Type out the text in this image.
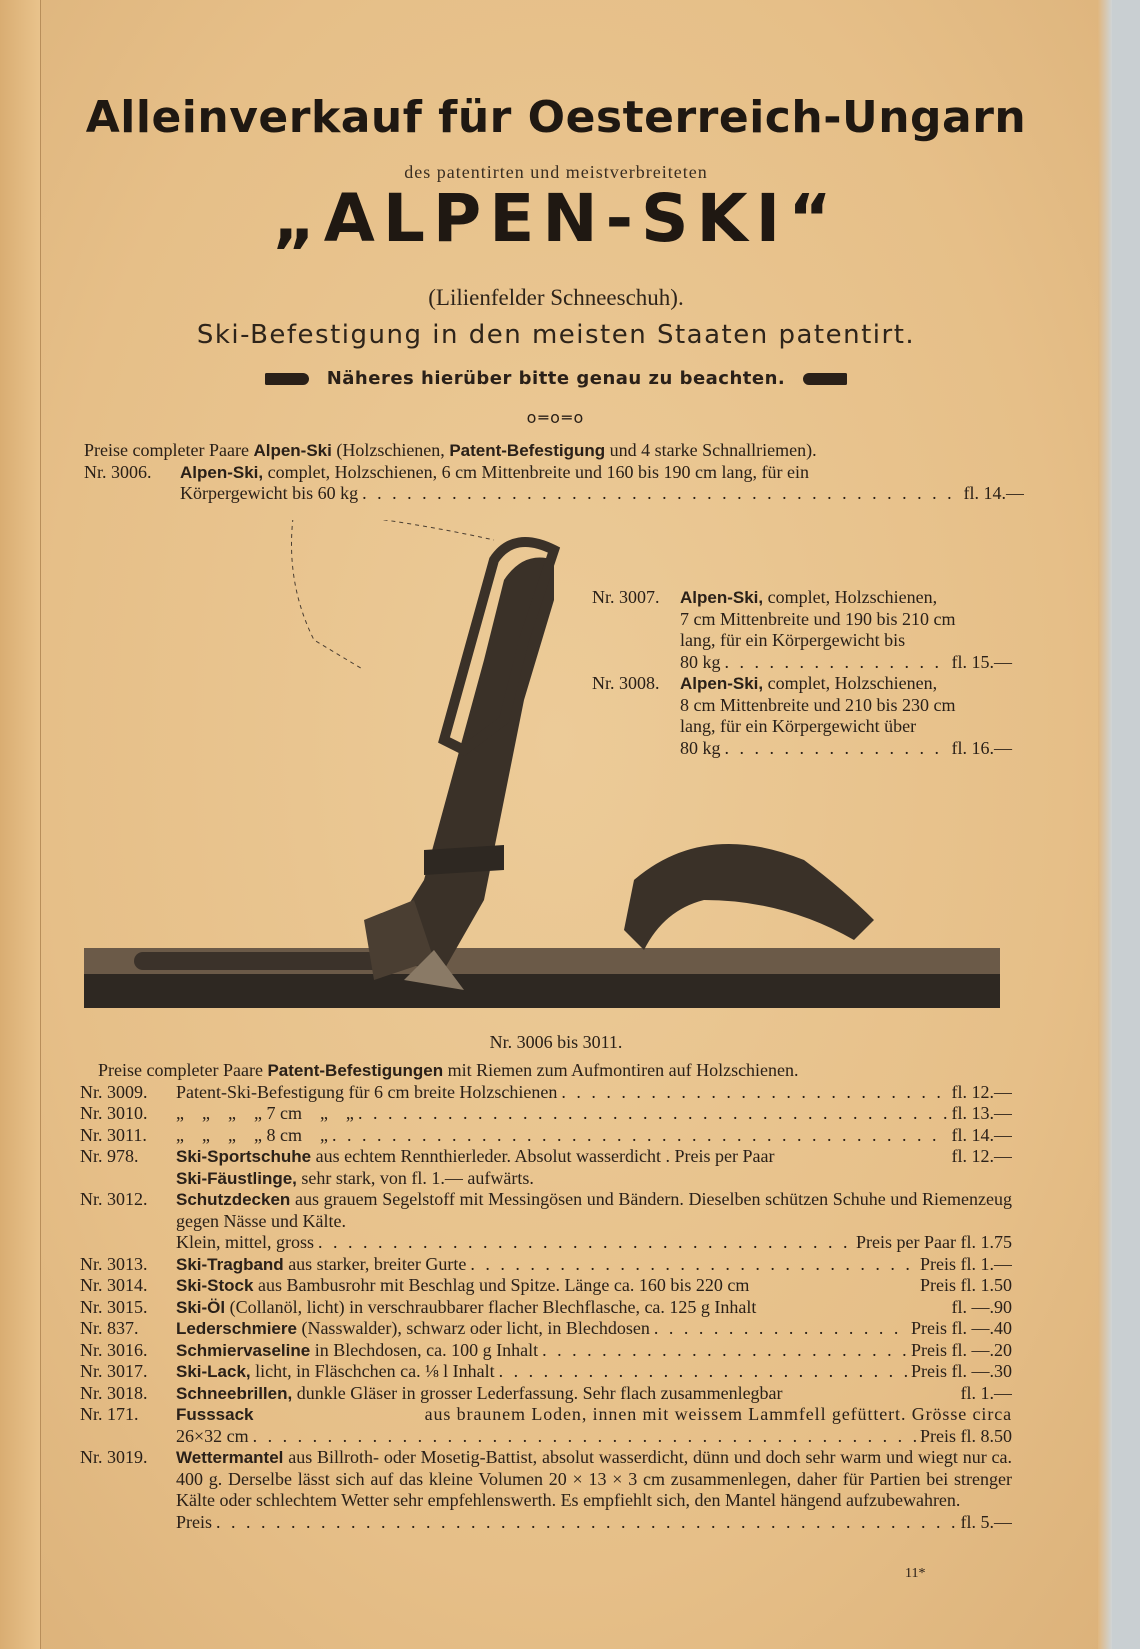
Alleinverkauf für Oesterreich-Ungarn
des patentirten und meistverbreiteten
„ALPEN-SKI“
(Lilienfelder Schneeschuh).
Ski-Befestigung in den meisten Staaten patentirt.
Näheres hierüber bitte genau zu beachten.
o═o═o
Preise completer Paare Alpen-Ski (Holzschienen, Patent-Befestigung und 4 starke Schnallriemen).
Nr. 3006.	Alpen-Ski,
complet, Holzschienen, 6 cm Mittenbreite und 160 bis 190 cm lang, für ein
Körpergewicht bis 60 kg . . .	fl. 14.—
Nr. 3007.	Alpen-Ski,
complet, Holzschienen,
7 cm Mittenbreite und 190 bis 210 cm
lang, für ein Körpergewicht bis
80 kg . . .	fl. 15.—
Nr. 3008.	Alpen-Ski,
complet, Holzschienen,
8 cm Mittenbreite und 210 bis 230 cm
lang, für ein Körpergewicht über
80 kg . . .	fl. 16.—
Nr. 3006 bis 3011.
Preise completer Paare Patent-Befestigungen mit Riemen zum Aufmontiren auf Holzschienen.
Nr. 3009.	Patent-Ski-Befestigung für 6 cm breite Holzschienen . . .	fl. 12.—
Nr. 3010.	„    „    „    „ 7 cm    „    „ . . .	fl. 13.—
Nr. 3011.	„    „    „    „ 8 cm    „ . . .	fl. 14.—
Nr. 978.	Ski-Sportschuhe
aus echtem Rennthierleder. Absolut wasserdicht . Preis per Paar	fl. 12.—
Ski-Fäustlinge,
sehr stark, von fl. 1.— aufwärts.
Nr. 3012.	Schutzdecken aus grauem Segelstoff mit Messingösen und Bändern. Dieselben schützen Schuhe und Riemenzeug gegen Nässe und Kälte.
Klein, mittel, gross . . .	Preis per Paar fl. 1.75
Nr. 3013.	Ski-Tragband
aus starker, breiter Gurte . . .	Preis fl. 1.—
Nr. 3014.	Ski-Stock
aus Bambusrohr mit Beschlag und Spitze. Länge ca. 160 bis 220 cm	Preis fl. 1.50
Nr. 3015.	Ski-Öl
(Collanöl, licht) in verschraubbarer flacher Blechflasche, ca. 125 g Inhalt	fl. —.90
Nr. 837.	Lederschmiere
(Nasswalder), schwarz oder licht, in Blechdosen . . .	Preis fl. —.40
Nr. 3016.	Schmiervaseline
in Blechdosen, ca. 100 g Inhalt . . .	Preis fl. —.20
Nr. 3017.	Ski-Lack,
licht, in Fläschchen ca. ⅛ l Inhalt . . .	Preis fl. —.30
Nr. 3018.	Schneebrillen,
dunkle Gläser in grosser Lederfassung. Sehr flach zusammenlegbar	fl. 1.—
Nr. 171.	Fusssack
	aus braunem Loden, innen mit weissem Lammfell gefüttert. Grösse circa
26×32 cm . . .	Preis fl. 8.50
Nr. 3019.	Wettermantel aus Billroth- oder Mosetig-Battist, absolut wasserdicht, dünn und doch sehr warm und wiegt nur ca. 400 g. Derselbe lässt sich auf das kleine Volumen 20 × 13 × 3 cm zusammenlegen, daher für Partien bei strenger Kälte oder schlechtem Wetter sehr empfehlenswerth. Es empfiehlt sich, den Mantel hängend aufzubewahren.
Preis . . .	fl. 5.—
11*
